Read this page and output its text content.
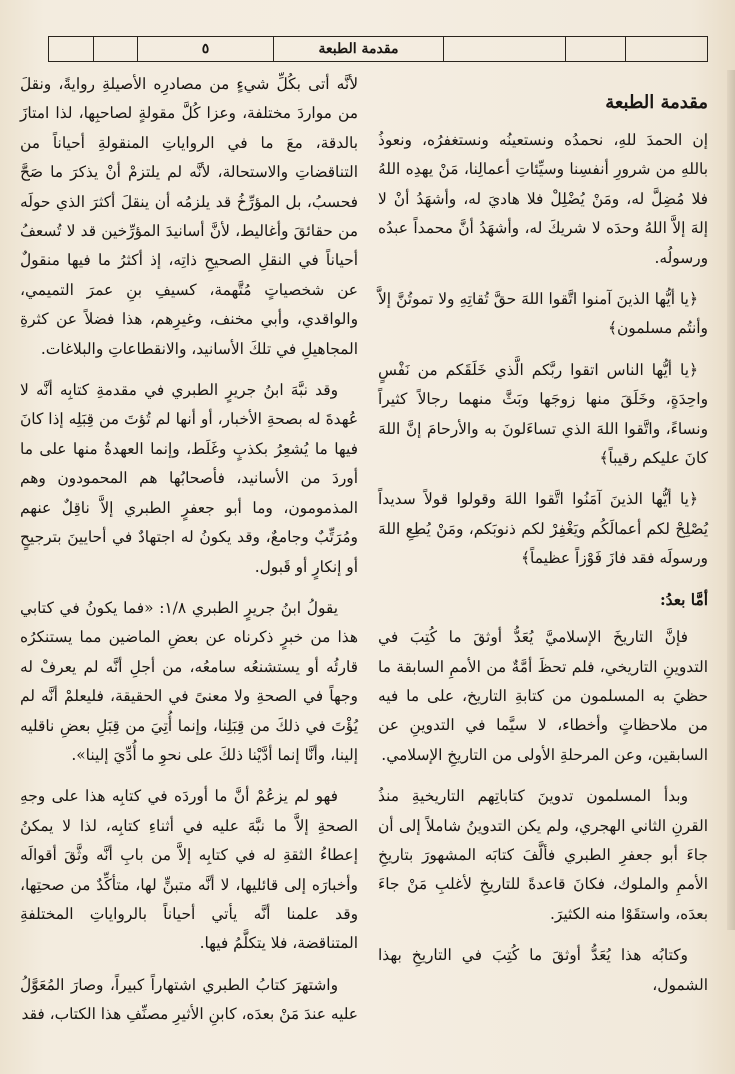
٥	مقدمة الطبعة
مقدمة الطبعة

إن الحمدَ للهِ، نحمدُه ونستعينُه ونستغفرُه، ونعوذُ باللهِ من شرورِ أنفسِنا وسيِّئاتِ أعمالِنا، مَنْ يهدِه اللهُ فلا مُضِلَّ له، ومَنْ يُضْلِلْ فلا هاديَ له، وأشهَدُ أنْ لا إلهَ إلاَّ اللهُ وحدَه لا شريكَ له، وأشهَدُ أنَّ محمداً عبدُه ورسولُه.

﴿يا أيُّها الذينَ آمنوا اتَّقوا اللهَ حقَّ تُقاتِهِ ولا تموتُنَّ إلاَّ وأنتُم مسلمون﴾

﴿يا أيُّها الناس اتقوا ربَّكم الَّذي خَلَقَكم من نَفْسٍ واحِدَةٍ، وخَلَقَ منها زوجَها وبَثَّ منهما رجالاً كثيراً ونساءً، واتَّقوا اللهَ الذي تساءَلونَ به والأرحامَ إنَّ اللهَ كانَ عليكم رقيباً﴾

﴿يا أيُّها الذينَ آمَنُوا اتَّقوا اللهَ وقولوا قولاً سديداً يُصْلِحْ لكم أعمالَكُم ويَغْفِرْ لكم ذنوبَكم، ومَنْ يُطِعِ اللهَ ورسولَه فقد فازَ فَوْزاً عظيماً﴾

أمَّا بعدُ:

فإنَّ التاريخَ الإسلاميَّ يُعَدُّ أوثقَ ما كُتِبَ في التدوينِ التاريخي، فلم تحظَ أمَّةٌ من الأممِ السابقة ما حظيَ به المسلمون من كتابةِ التاريخ، على ما فيه من ملاحظاتٍ وأخطاء، لا سيَّما في التدوينِ عن السابقين، وعن المرحلةِ الأولى من التاريخِ الإسلامي.

وبدأ المسلمون تدوينَ كتاباتِهم التاريخيةِ منذُ القرنِ الثاني الهجري، ولم يكن التدوينُ شاملاً إلى أن جاءَ أبو جعفرِ الطبري فألَّفَ كتابَه المشهورَ بتاريخِ الأممِ والملوك، فكانَ قاعدةً للتاريخِ لأغلبِ مَنْ جاءَ بعدَه، واستقَوْا منه الكثيرَ.

وكتابُه هذا يُعَدُّ أوثقَ ما كُتِبَ في التاريخِ بهذا الشمول،

لأنَّه أتى بكُلِّ شيءٍ من مصادرِه الأصيلةِ روايةً، ونقلَ من مواردَ مختلفة، وعزا كُلَّ مقولةٍ لصاحبِها، لذا امتازَ بالدقة، معَ ما في الرواياتِ المنقولةِ أحياناً من التناقضاتِ والاستحالة، لأنَّه لم يلتزمْ أنْ يذكرَ ما صَحَّ فحسبُ، بل المؤرِّخُ قد يلزمُه أن ينقلَ أكثرَ الذي حولَه من حقائقَ وأغاليط، لأنَّ أسانيدَ المؤرِّخين قد لا تُسعفُ أحياناً في النقلِ الصحيحِ ذاتِه، إذ أكثرُ ما فيها منقولٌ عن شخصياتٍ مُتَّهمة، كسيفِ بنِ عمرَ التميمي، والواقدي، وأبي مخنف، وغيرِهم، هذا فضلاً عن كثرةِ المجاهيلِ في تلكَ الأسانيد، والانقطاعاتِ والبلاغات.

وقد نبَّهَ ابنُ جريرٍ الطبري في مقدمةِ كتابِه أنَّه لا عُهدةَ له بصحةِ الأخبار، أو أنها لم تُؤتَ من قِبَلِه إذا كانَ فيها ما يُشعِرُ بكذبٍ وغَلَط، وإنما العهدةُ منها على ما أوردَ من الأسانيد، فأصحابُها هم المحمودون وهم المذمومون، وما أبو جعفرٍ الطبري إلاَّ ناقِلٌ عنهم ومُرَتِّبٌ وجامعٌ، وقد يكونُ له اجتهادٌ في أحايينَ بترجيحٍ أو إنكارٍ أو قَبول.

يقولُ ابنُ جريرٍ الطبري ١/٨: «فما يكونُ في كتابي هذا من خبرٍ ذكرناه عن بعضِ الماضين مما يستنكرُه قارئُه أو يستشنعُه سامعُه، من أجلِ أنَّه لم يعرفْ له وجهاً في الصحةِ ولا معنىً في الحقيقة، فليعلمْ أنَّه لم يُؤْتَ في ذلكَ من قِبَلِنا، وإنما أُتِيَ من قِبَلِ بعضِ ناقليه إلينا، وأنَّا إنما أدَّيْنا ذلكَ على نحوِ ما أُدِّيَ إلينا».

فهو لم يزعُمْ أنَّ ما أوردَه في كتابِه هذا على وجهِ الصحةِ إلاَّ ما نبَّهَ عليه في أثناءِ كتابِه، لذا لا يمكنُ إعطاءُ الثقةِ له في كتابِه إلاَّ من بابِ أنَّه وثَّقَ أقوالَه وأخبارَه إلى قائليها، لا أنَّه متبنٍّ لها، متأكِّدٌ من صحتِها، وقد علمنا أنَّه يأتي أحياناً بالرواياتِ المختلفةِ المتناقضة، فلا يتكلَّمُ فيها.

واشتهرَ كتابُ الطبري اشتهاراً كبيراً، وصارَ المُعَوَّلُ عليه عندَ مَنْ بعدَه، كابنِ الأثيرِ مصنِّفِ هذا الكتاب، فقد
